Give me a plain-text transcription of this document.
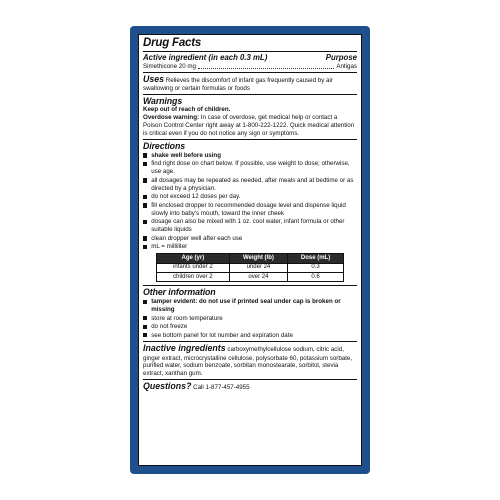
Drug Facts
Active ingredient (in each 0.3 mL)	Purpose
Simethicone 20 mg	Antigas
Uses Relieves the discomfort of infant gas frequently caused by air swallowing or certain formulas or foods
Warnings
Keep out of reach of children.
Overdose warning: In case of overdose, get medical help or contact a Poison Control Center right away at 1-800-222-1222. Quick medical attention is critical even if you do not notice any sign or symptoms.
Directions
shake well before using
find right dose on chart below. If possible, use weight to dose; otherwise, use age.
all dosages may be repeated as needed, after meals and at bedtime or as directed by a physician.
do not exceed 12 doses per day.
fill enclosed dropper to recommended dosage level and dispense liquid slowly into baby's mouth, toward the inner cheek
dosage can also be mixed with 1 oz. cool water, infant formula or other suitable liquids
clean dropper well after each use
mL = milliliter
Age (yr)	Weight (lb)	Dose (mL)
infants under 2	under 24	0.3
children over 2	over 24	0.6
Other information
tamper evident: do not use if printed seal under cap is broken or missing
store at room temperature
do not freeze
see bottom panel for lot number and expiration date
Inactive ingredients carboxymethylcellulose sodium, citric acid, ginger extract, microcrystalline cellulose, polysorbate 60, potassium sorbate, purified water, sodium benzoate, sorbitan monostearate, sorbitol, stevia extract, xanthan gum.
Questions? Call 1-877-457-4955
